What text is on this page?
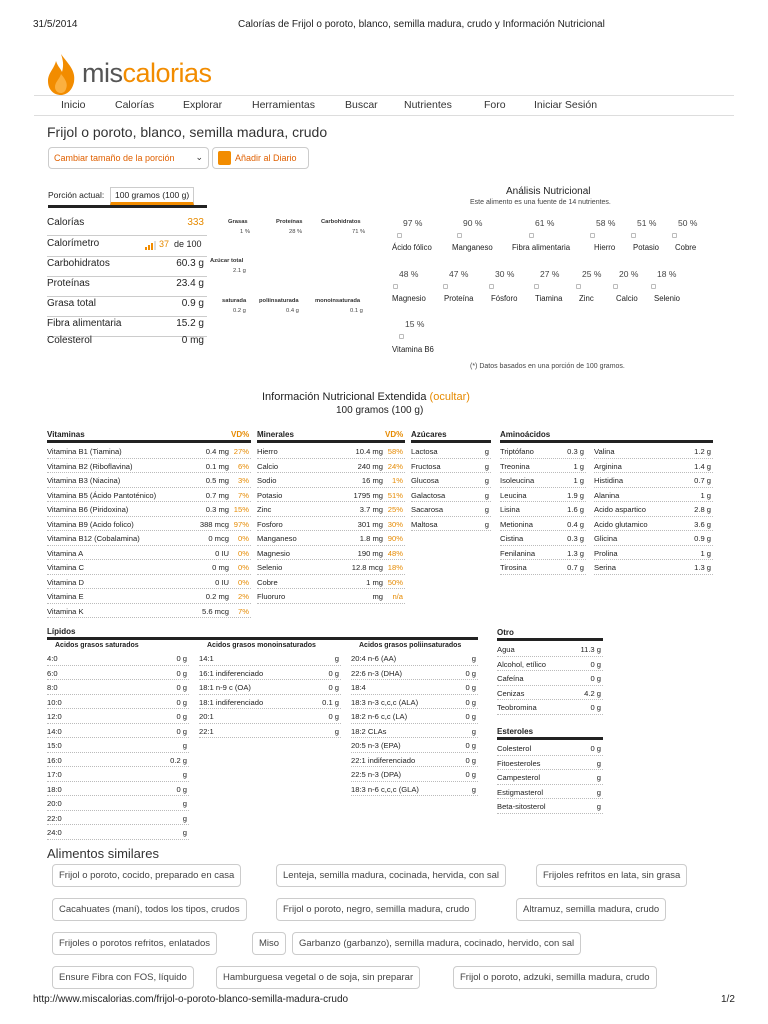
31/5/2014	Calorías de Frijol o poroto, blanco, semilla madura, crudo y Información Nutricional
miscalorias
Inicio	Calorías	Explorar	Herramientas	Buscar	Nutrientes	Foro	Iniciar Sesión
Frijol o poroto, blanco, semilla madura, crudo
Cambiar tamaño de la porción ⌄	Añadir al Diario
Porción actual:	100 gramos (100 g)
Calorías	333
Calorímetro	37 de 100
Carbohidratos	60.3 g
Proteínas	23.4 g
Grasa total	0.9 g
Fibra alimentaria	15.2 g
Colesterol	0 mg
Grasas
1 %
Proteínas
28 %
Carbohidratos
71 %
Azúcar total
2.1 g
saturada
0.2 g
poliinsaturada
0.4 g
monoinsaturada
0.1 g
Análisis Nutricional
Este alimento es una fuente de 14 nutrientes.
97 %
Ácido fólico
90 %
Manganeso
61 %
Fibra alimentaria
58 %
Hierro
51 %
Potasio
50 %
Cobre
48 %
Magnesio
47 %
Proteína
30 %
Fósforo
27 %
Tiamina
25 %
Zinc
20 %
Calcio
18 %
Selenio
15 %
Vitamina B6
(*) Datos basados en una porción de 100 gramos.
Información Nutricional Extendida (ocultar)
100 gramos (100 g)
Vitaminas	VD%
Vitamina B1 (Tiamina)	0.4 mg 27%
Vitamina B2 (Riboflavina)	0.1 mg 6%
Vitamina B3 (Niacina)	0.5 mg 3%
Vitamina B5 (Ácido Pantoténico)	0.7 mg 7%
Vitamina B6 (Piridoxina)	0.3 mg 15%
Vitamina B9 (Acido folico)	388 mcg 97%
Vitamina B12 (Cobalamina)	0 mcg 0%
Vitamina A	0 IU 0%
Vitamina C	0 mg 0%
Vitamina D	0 IU 0%
Vitamina E	0.2 mg 2%
Vitamina K	5.6 mcg 7%
Minerales	VD%
Hierro	10.4 mg 58%
Calcio	240 mg 24%
Sodio	16 mg 1%
Potasio	1795 mg 51%
Zinc	3.7 mg 25%
Fosforo	301 mg 30%
Manganeso	1.8 mg 90%
Magnesio	190 mg 48%
Selenio	12.8 mcg 18%
Cobre	1 mg 50%
Fluoruro	mg n/a
Azúcares
Lactosa	g
Fructosa	g
Glucosa	g
Galactosa	g
Sacarosa	g
Maltosa	g
Aminoácidos
Triptófano	0.3 g
Treonina	1 g
Isoleucina	1 g
Leucina	1.9 g
Lisina	1.6 g
Metionina	0.4 g
Cistina	0.3 g
Fenilanina	1.3 g
Tirosina	0.7 g
Valina	1.2 g
Arginina	1.4 g
Histidina	0.7 g
Alanina	1 g
Acido aspartico	2.8 g
Acido glutamico	3.6 g
Glicina	0.9 g
Prolina	1 g
Serina	1.3 g
Lípidos
Acidos grasos saturados
4:0	0 g
6:0	0 g
8:0	0 g
10:0	0 g
12:0	0 g
14:0	0 g
15:0	g
16:0	0.2 g
17:0	g
18:0	0 g
20:0	g
22:0	g
24:0	g
Acidos grasos monoinsaturados
14:1	g
16:1 indiferenciado	0 g
18:1 n-9 c (OA)	0 g
18:1 indiferenciado	0.1 g
20:1	0 g
22:1	g
Acidos grasos poliinsaturados
20:4 n-6 (AA)	g
22:6 n-3 (DHA)	0 g
18:4	0 g
18:3 n-3 c,c,c (ALA)	0 g
18:2 n-6 c,c (LA)	0 g
18:2 CLAs	g
20:5 n-3 (EPA)	0 g
22:1 indiferenciado	0 g
22:5 n-3 (DPA)	0 g
18:3 n-6 c,c,c (GLA)	g
Otro
Agua	11.3 g
Alcohol, etílico	0 g
Cafeína	0 g
Cenizas	4.2 g
Teobromina	0 g
Esteroles
Colesterol	0 g
Fitoesteroles	g
Campesterol	g
Estigmasterol	g
Beta-sitosterol	g
Alimentos similares
Frijol o poroto, cocido, preparado en casa	Lenteja, semilla madura, cocinada, hervida, con sal	Frijoles refritos en lata, sin grasa
Cacahuates (maní), todos los tipos, crudos	Frijol o poroto, negro, semilla madura, crudo	Altramuz, semilla madura, crudo
Frijoles o porotos refritos, enlatados	Miso	Garbanzo (garbanzo), semilla madura, cocinado, hervido, con sal
Ensure Fibra con FOS, líquido	Hamburguesa vegetal o de soja, sin preparar	Frijol o poroto, adzuki, semilla madura, crudo
http://www.miscalorias.com/frijol-o-poroto-blanco-semilla-madura-crudo	1/2
